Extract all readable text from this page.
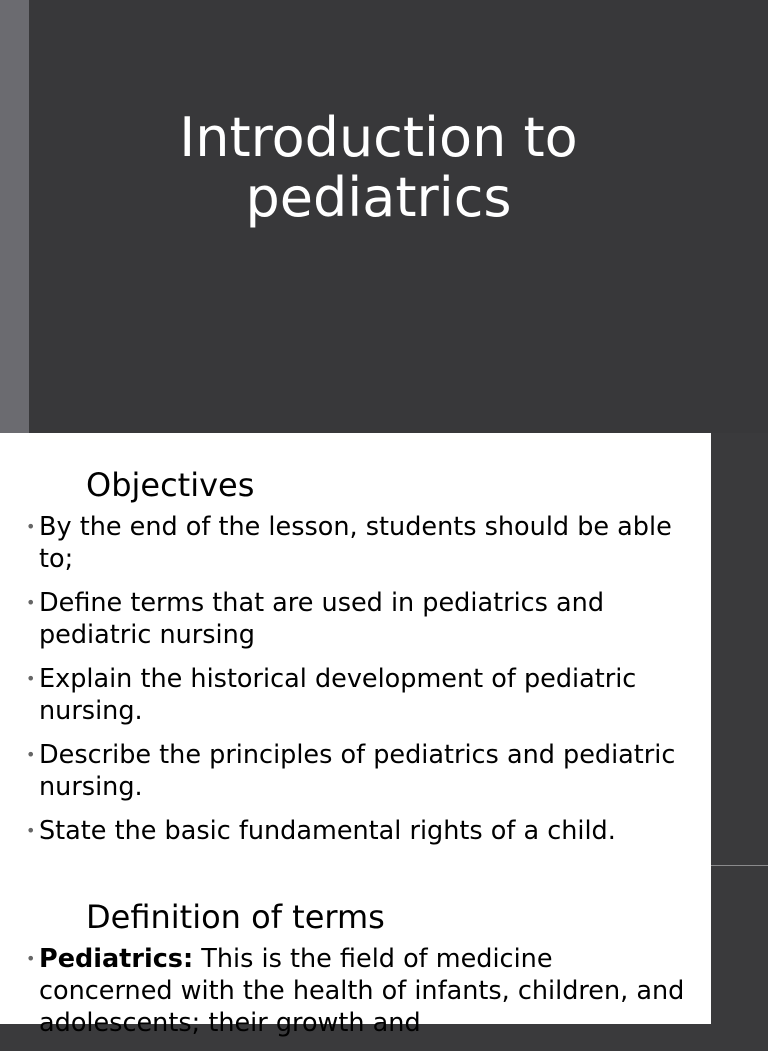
Introduction to pediatrics
Objectives
• By the end of the lesson, students should be able to;
• Define terms that are used in pediatrics and pediatric nursing
• Explain the historical development of pediatric nursing.
• Describe the principles of pediatrics and pediatric nursing.
• State the basic fundamental rights of a child.
Definition of terms
• Pediatrics: This is the field of medicine concerned with the health of infants, children, and adolescents; their growth and
